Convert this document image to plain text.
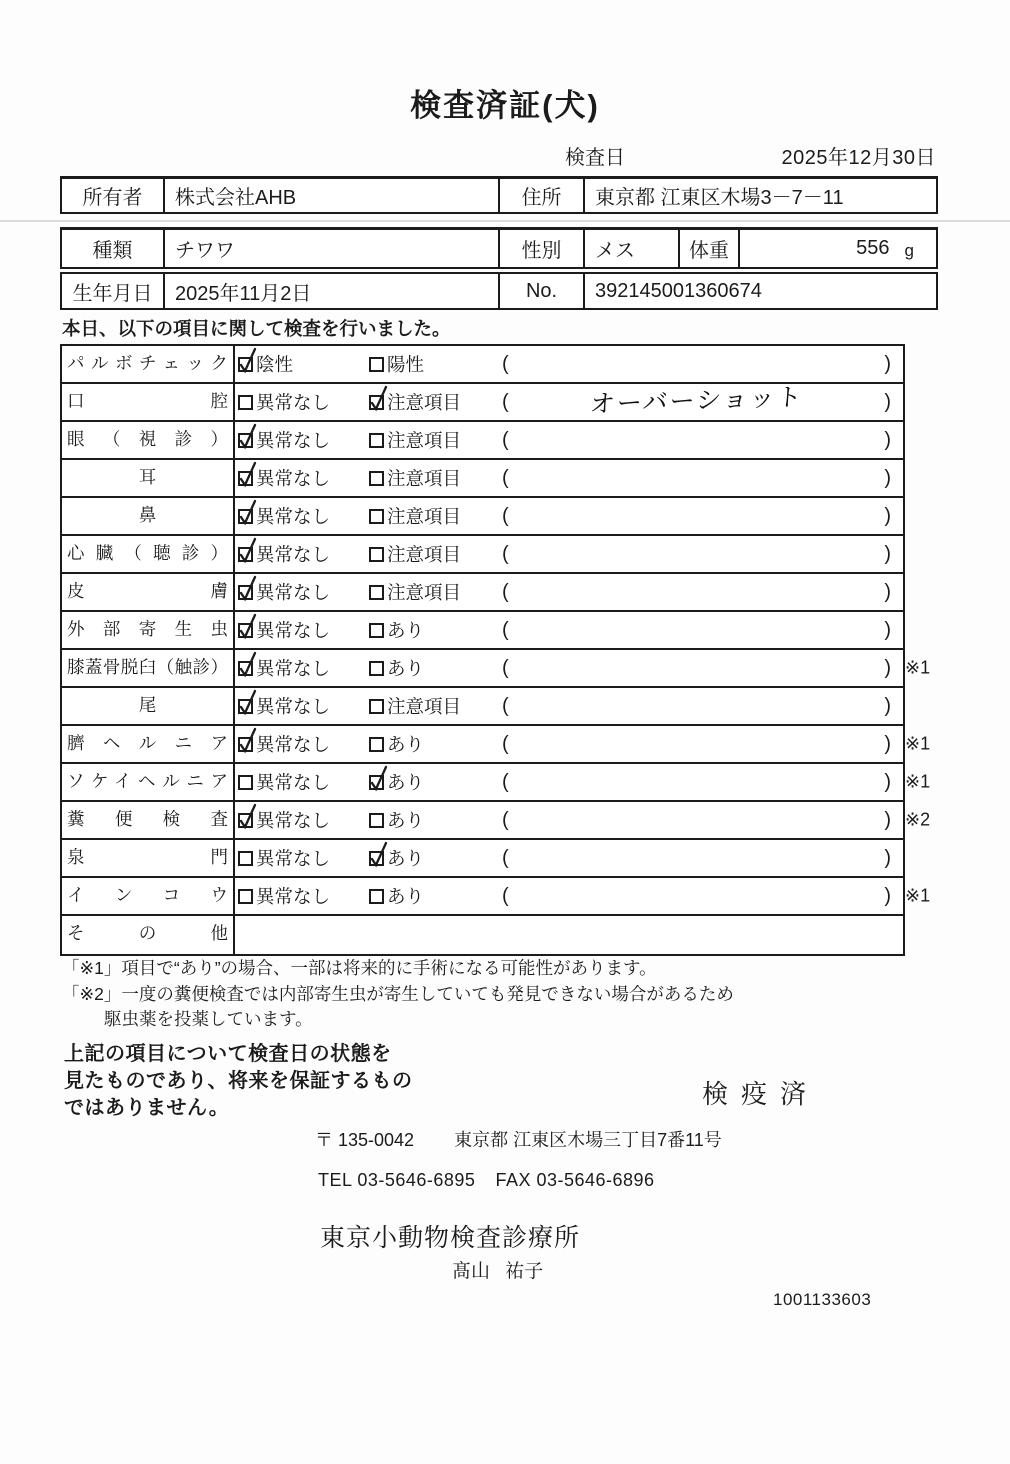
検査済証(犬)
検査日	2025年12月30日
所有者	株式会社AHB	住所	東京都 江東区木場3－7－11
種類	チワワ	性別	メス	体重	556 g
生年月日	2025年11月2日	No.	392145001360674
本日、以下の項目に関して検査を行いました。
パルボチェック	陰性	陽性	(	)
口腔	異常なし	注意項目 (	オーバーショット	)
眼（視診）	異常なし	注意項目 (	)
耳	異常なし	注意項目 (	)
鼻	異常なし	注意項目 (	)
心臓（聴診）	異常なし	注意項目 (	)
皮膚	異常なし	注意項目 (	)
外部寄生虫	異常なし	あり	(	)
膝蓋骨脱臼（触診）	異常なし	あり	(	) ※1
尾	異常なし	注意項目 (	)
臍ヘルニア	異常なし	あり	(	) ※1
ソケイヘルニア	異常なし	あり	(	) ※1
糞便検査	異常なし	あり	(	) ※2
泉門	異常なし	あり	(	)
インコウ	異常なし	あり	(	) ※1
その他
「※1」項目で“あり”の場合、一部は将来的に手術になる可能性があります。
「※2」一度の糞便検査では内部寄生虫が寄生していても発見できない場合があるため
駆虫薬を投薬しています。
上記の項目について検査日の状態を
見たものであり、将来を保証するもの
ではありません。	検疫済
〒 135-0042 東京都 江東区木場三丁目7番11号
TEL 03-5646-6895 FAX 03-5646-6896
東京小動物検査診療所
髙山 祐子
1001133603
